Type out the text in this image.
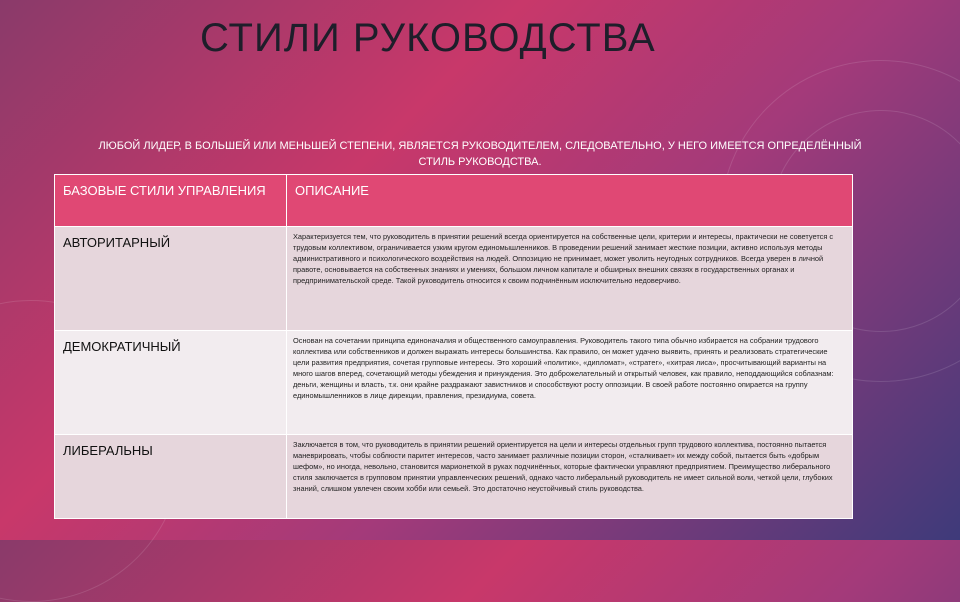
СТИЛИ РУКОВОДСТВА
ЛЮБОЙ ЛИДЕР, В БОЛЬШЕЙ ИЛИ МЕНЬШЕЙ СТЕПЕНИ, ЯВЛЯЕТСЯ РУКОВОДИТЕЛЕМ, СЛЕДОВАТЕЛЬНО, У НЕГО ИМЕЕТСЯ ОПРЕДЕЛЁННЫЙ СТИЛЬ РУКОВОДСТВА.
БАЗОВЫЕ СТИЛИ УПРАВЛЕНИЯ	ОПИСАНИЕ
АВТОРИТАРНЫЙ	Характеризуется тем, что руководитель в принятии решений всегда ориентируется на собственные цели, критерии и интересы, практически не советуется с трудовым коллективом, ограничивается узким кругом единомышленников. В проведении решений занимает жесткие позиции, активно используя методы административного и психологического воздействия на людей. Оппозицию не принимает, может уволить неугодных сотрудников. Всегда уверен в личной правоте, основывается на собственных знаниях и умениях, большом личном капитале и обширных внешних связях в государственных органах и предпринимательской среде. Такой руководитель относится к своим подчинённым исключительно недоверчиво.
ДЕМОКРАТИЧНЫЙ	Основан на сочетании принципа единоначалия и общественного самоуправления. Руководитель такого типа обычно избирается на собрании трудового коллектива или собственников и должен выражать интересы большинства. Как правило, он может удачно выявить, принять и реализовать стратегические цели развития предприятия, сочетая групповые интересы. Это хороший «политик», «дипломат», «стратег», «хитрая лиса», просчитывающий варианты на много шагов вперед, сочетающий методы убеждения и принуждения. Это доброжелательный и открытый человек, как правило, неподдающийся соблазнам: деньги, женщины и власть, т.к. они крайне раздражают завистников и способствуют росту оппозиции. В своей работе постоянно опирается на группу единомышленников в лице дирекции, правления, президиума, совета.
ЛИБЕРАЛЬНЫ	Заключается в том, что руководитель в принятии решений ориентируется на цели и интересы отдельных групп трудового коллектива, постоянно пытается маневрировать, чтобы соблюсти паритет интересов, часто занимает различные позиции сторон, «сталкивает» их между собой, пытается быть «добрым шефом», но иногда, невольно, становится марионеткой в руках подчинённых, которые фактически управляют предприятием. Преимущество либерального стиля заключается в групповом принятии управленческих решений, однако часто либеральный руководитель не имеет сильной воли, четкой цели, глубоких знаний, слишком увлечен своим хобби или семьей. Это достаточно неустойчивый стиль руководства.
